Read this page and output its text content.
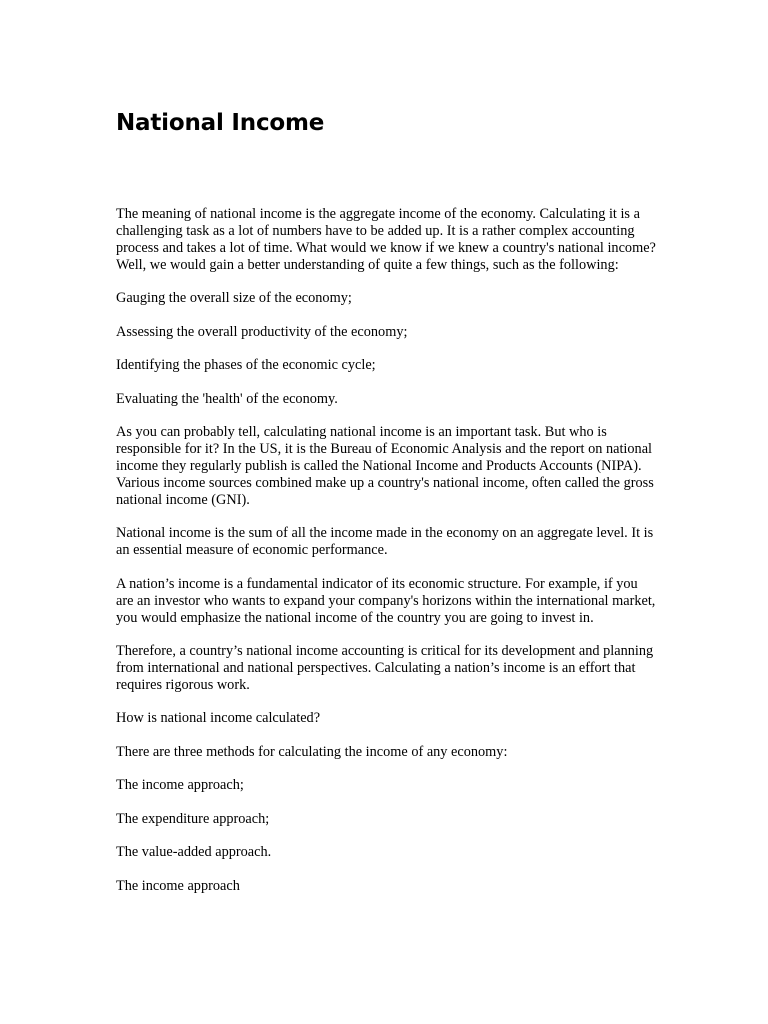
National Income

The meaning of national income is the aggregate income of the economy. Calculating it is a challenging task as a lot of numbers have to be added up. It is a rather complex accounting process and takes a lot of time. What would we know if we knew a country's national income? Well, we would gain a better understanding of quite a few things, such as the following:

Gauging the overall size of the economy;

Assessing the overall productivity of the economy;

Identifying the phases of the economic cycle;

Evaluating the 'health' of the economy.

As you can probably tell, calculating national income is an important task. But who is responsible for it? In the US, it is the Bureau of Economic Analysis and the report on national income they regularly publish is called the National Income and Products Accounts (NIPA). Various income sources combined make up a country's national income, often called the gross national income (GNI).

National income is the sum of all the income made in the economy on an aggregate level. It is an essential measure of economic performance.

A nation’s income is a fundamental indicator of its economic structure. For example, if you are an investor who wants to expand your company's horizons within the international market, you would emphasize the national income of the country you are going to invest in.

Therefore, a country’s national income accounting is critical for its development and planning from international and national perspectives. Calculating a nation’s income is an effort that requires rigorous work.

How is national income calculated?

There are three methods for calculating the income of any economy:

The income approach;

The expenditure approach;

The value-added approach.

The income approach
